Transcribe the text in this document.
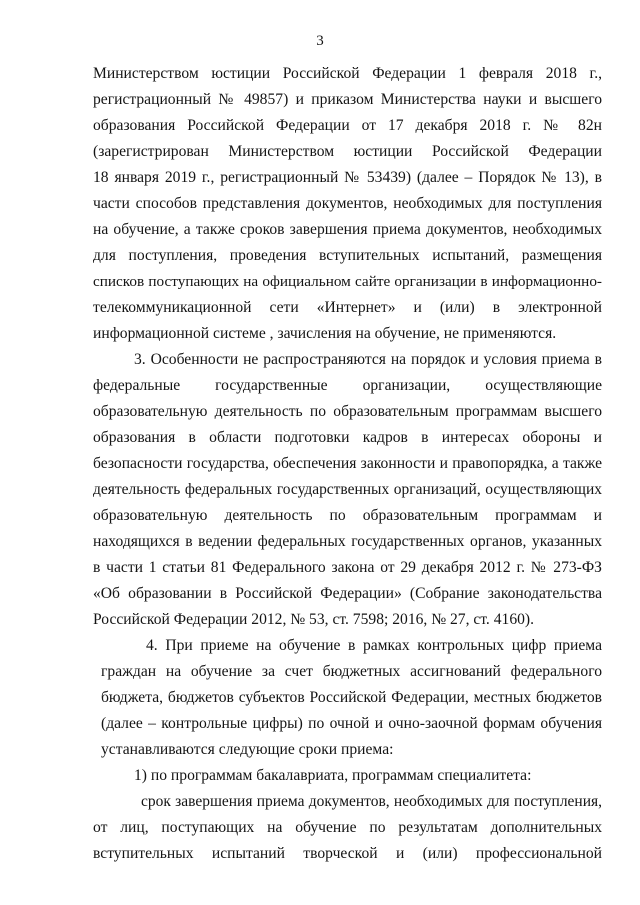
3
Министерством юстиции Российской Федерации 1 февраля 2018 г.,
регистрационный № 49857) и приказом Министерства науки и высшего
образования Российской Федерации от 17 декабря 2018 г. № 82н
(зарегистрирован Министерством юстиции Российской Федерации
18 января 2019 г., регистрационный № 53439) (далее – Порядок № 13), в
части способов представления документов, необходимых для поступления
на обучение, а также сроков завершения приема документов, необходимых
для поступления, проведения вступительных испытаний, размещения
списков поступающих на официальном сайте организации в информационно-
телекоммуникационной сети «Интернет» и (или) в электронной
информационной системе , зачисления на обучение, не применяются.
3. Особенности не распространяются на порядок и условия приема в
федеральные государственные организации, осуществляющие
образовательную деятельность по образовательным программам высшего
образования в области подготовки кадров в интересах обороны и
безопасности государства, обеспечения законности и правопорядка, а также
деятельность федеральных государственных организаций, осуществляющих
образовательную деятельность по образовательным программам и
находящихся в ведении федеральных государственных органов, указанных
в части 1 статьи 81 Федерального закона от 29 декабря 2012 г. № 273-ФЗ
«Об образовании в Российской Федерации» (Собрание законодательства
Российской Федерации 2012, № 53, ст. 7598; 2016, № 27, ст. 4160).
4. При приеме на обучение в рамках контрольных цифр приема
граждан на обучение за счет бюджетных ассигнований федерального
бюджета, бюджетов субъектов Российской Федерации, местных бюджетов
(далее – контрольные цифры) по очной и очно-заочной формам обучения
устанавливаются следующие сроки приема:
1) по программам бакалавриата, программам специалитета:
срок завершения приема документов, необходимых для поступления,
от лиц, поступающих на обучение по результатам дополнительных
вступительных испытаний творческой и (или) профессиональной
